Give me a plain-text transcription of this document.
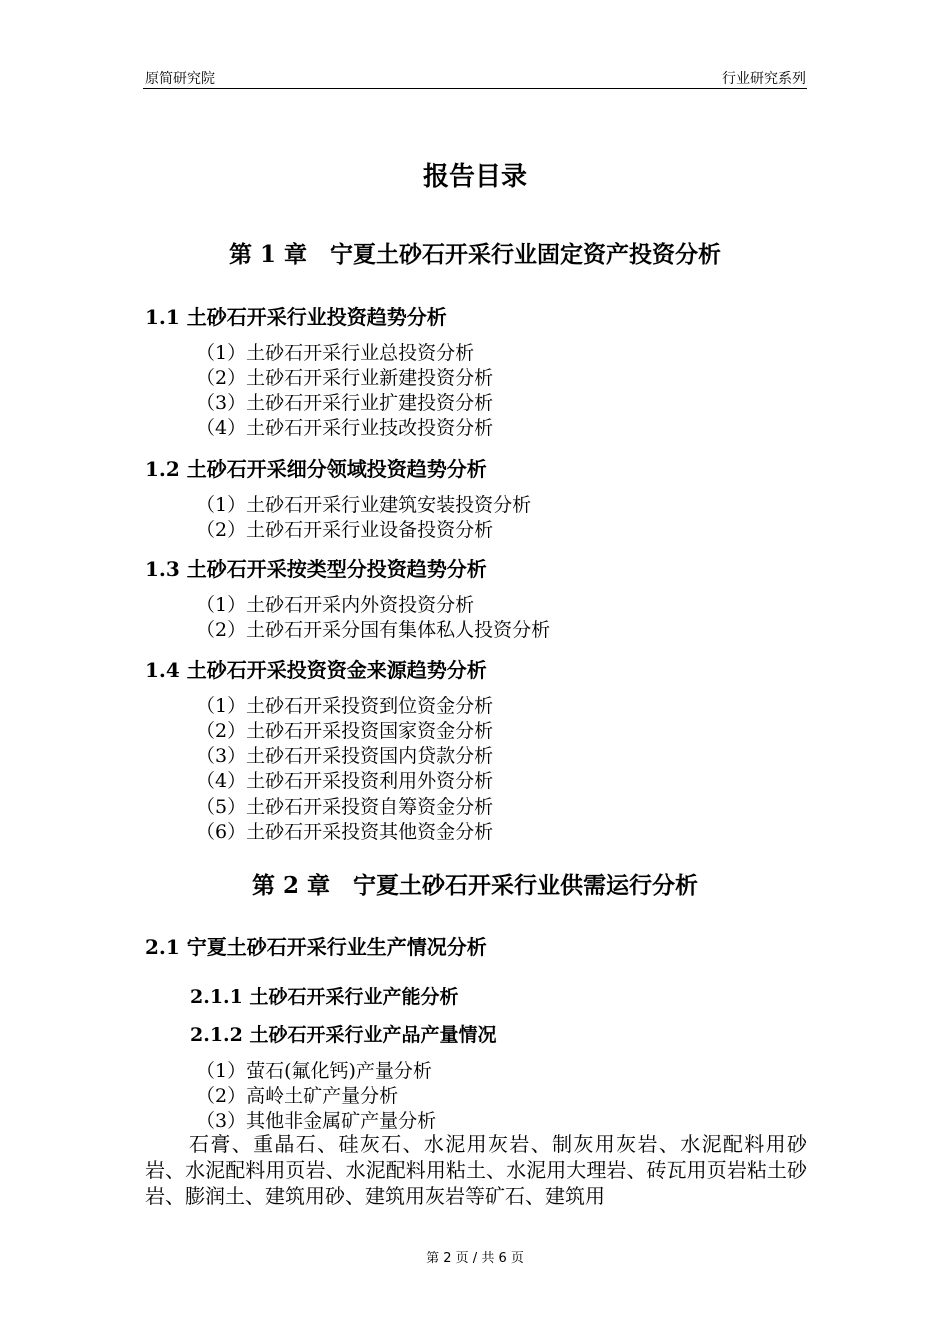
原简研究院	行业研究系列
报告目录
第 1 章　宁夏土砂石开采行业固定资产投资分析
1.1 土砂石开采行业投资趋势分析
（1）土砂石开采行业总投资分析
（2）土砂石开采行业新建投资分析
（3）土砂石开采行业扩建投资分析
（4）土砂石开采行业技改投资分析
1.2 土砂石开采细分领域投资趋势分析
（1）土砂石开采行业建筑安装投资分析
（2）土砂石开采行业设备投资分析
1.3 土砂石开采按类型分投资趋势分析
（1）土砂石开采内外资投资分析
（2）土砂石开采分国有集体私人投资分析
1.4 土砂石开采投资资金来源趋势分析
（1）土砂石开采投资到位资金分析
（2）土砂石开采投资国家资金分析
（3）土砂石开采投资国内贷款分析
（4）土砂石开采投资利用外资分析
（5）土砂石开采投资自筹资金分析
（6）土砂石开采投资其他资金分析
第 2 章　宁夏土砂石开采行业供需运行分析
2.1 宁夏土砂石开采行业生产情况分析
2.1.1 土砂石开采行业产能分析
2.1.2 土砂石开采行业产品产量情况
（1）萤石(氟化钙)产量分析
（2）高岭土矿产量分析
（3）其他非金属矿产量分析
石膏、重晶石、硅灰石、水泥用灰岩、制灰用灰岩、水泥配料用砂岩、水泥配料用页岩、水泥配料用粘土、水泥用大理岩、砖瓦用页岩粘土砂岩、膨润土、建筑用砂、建筑用灰岩等矿石、建筑用
第 2 页 / 共 6 页
